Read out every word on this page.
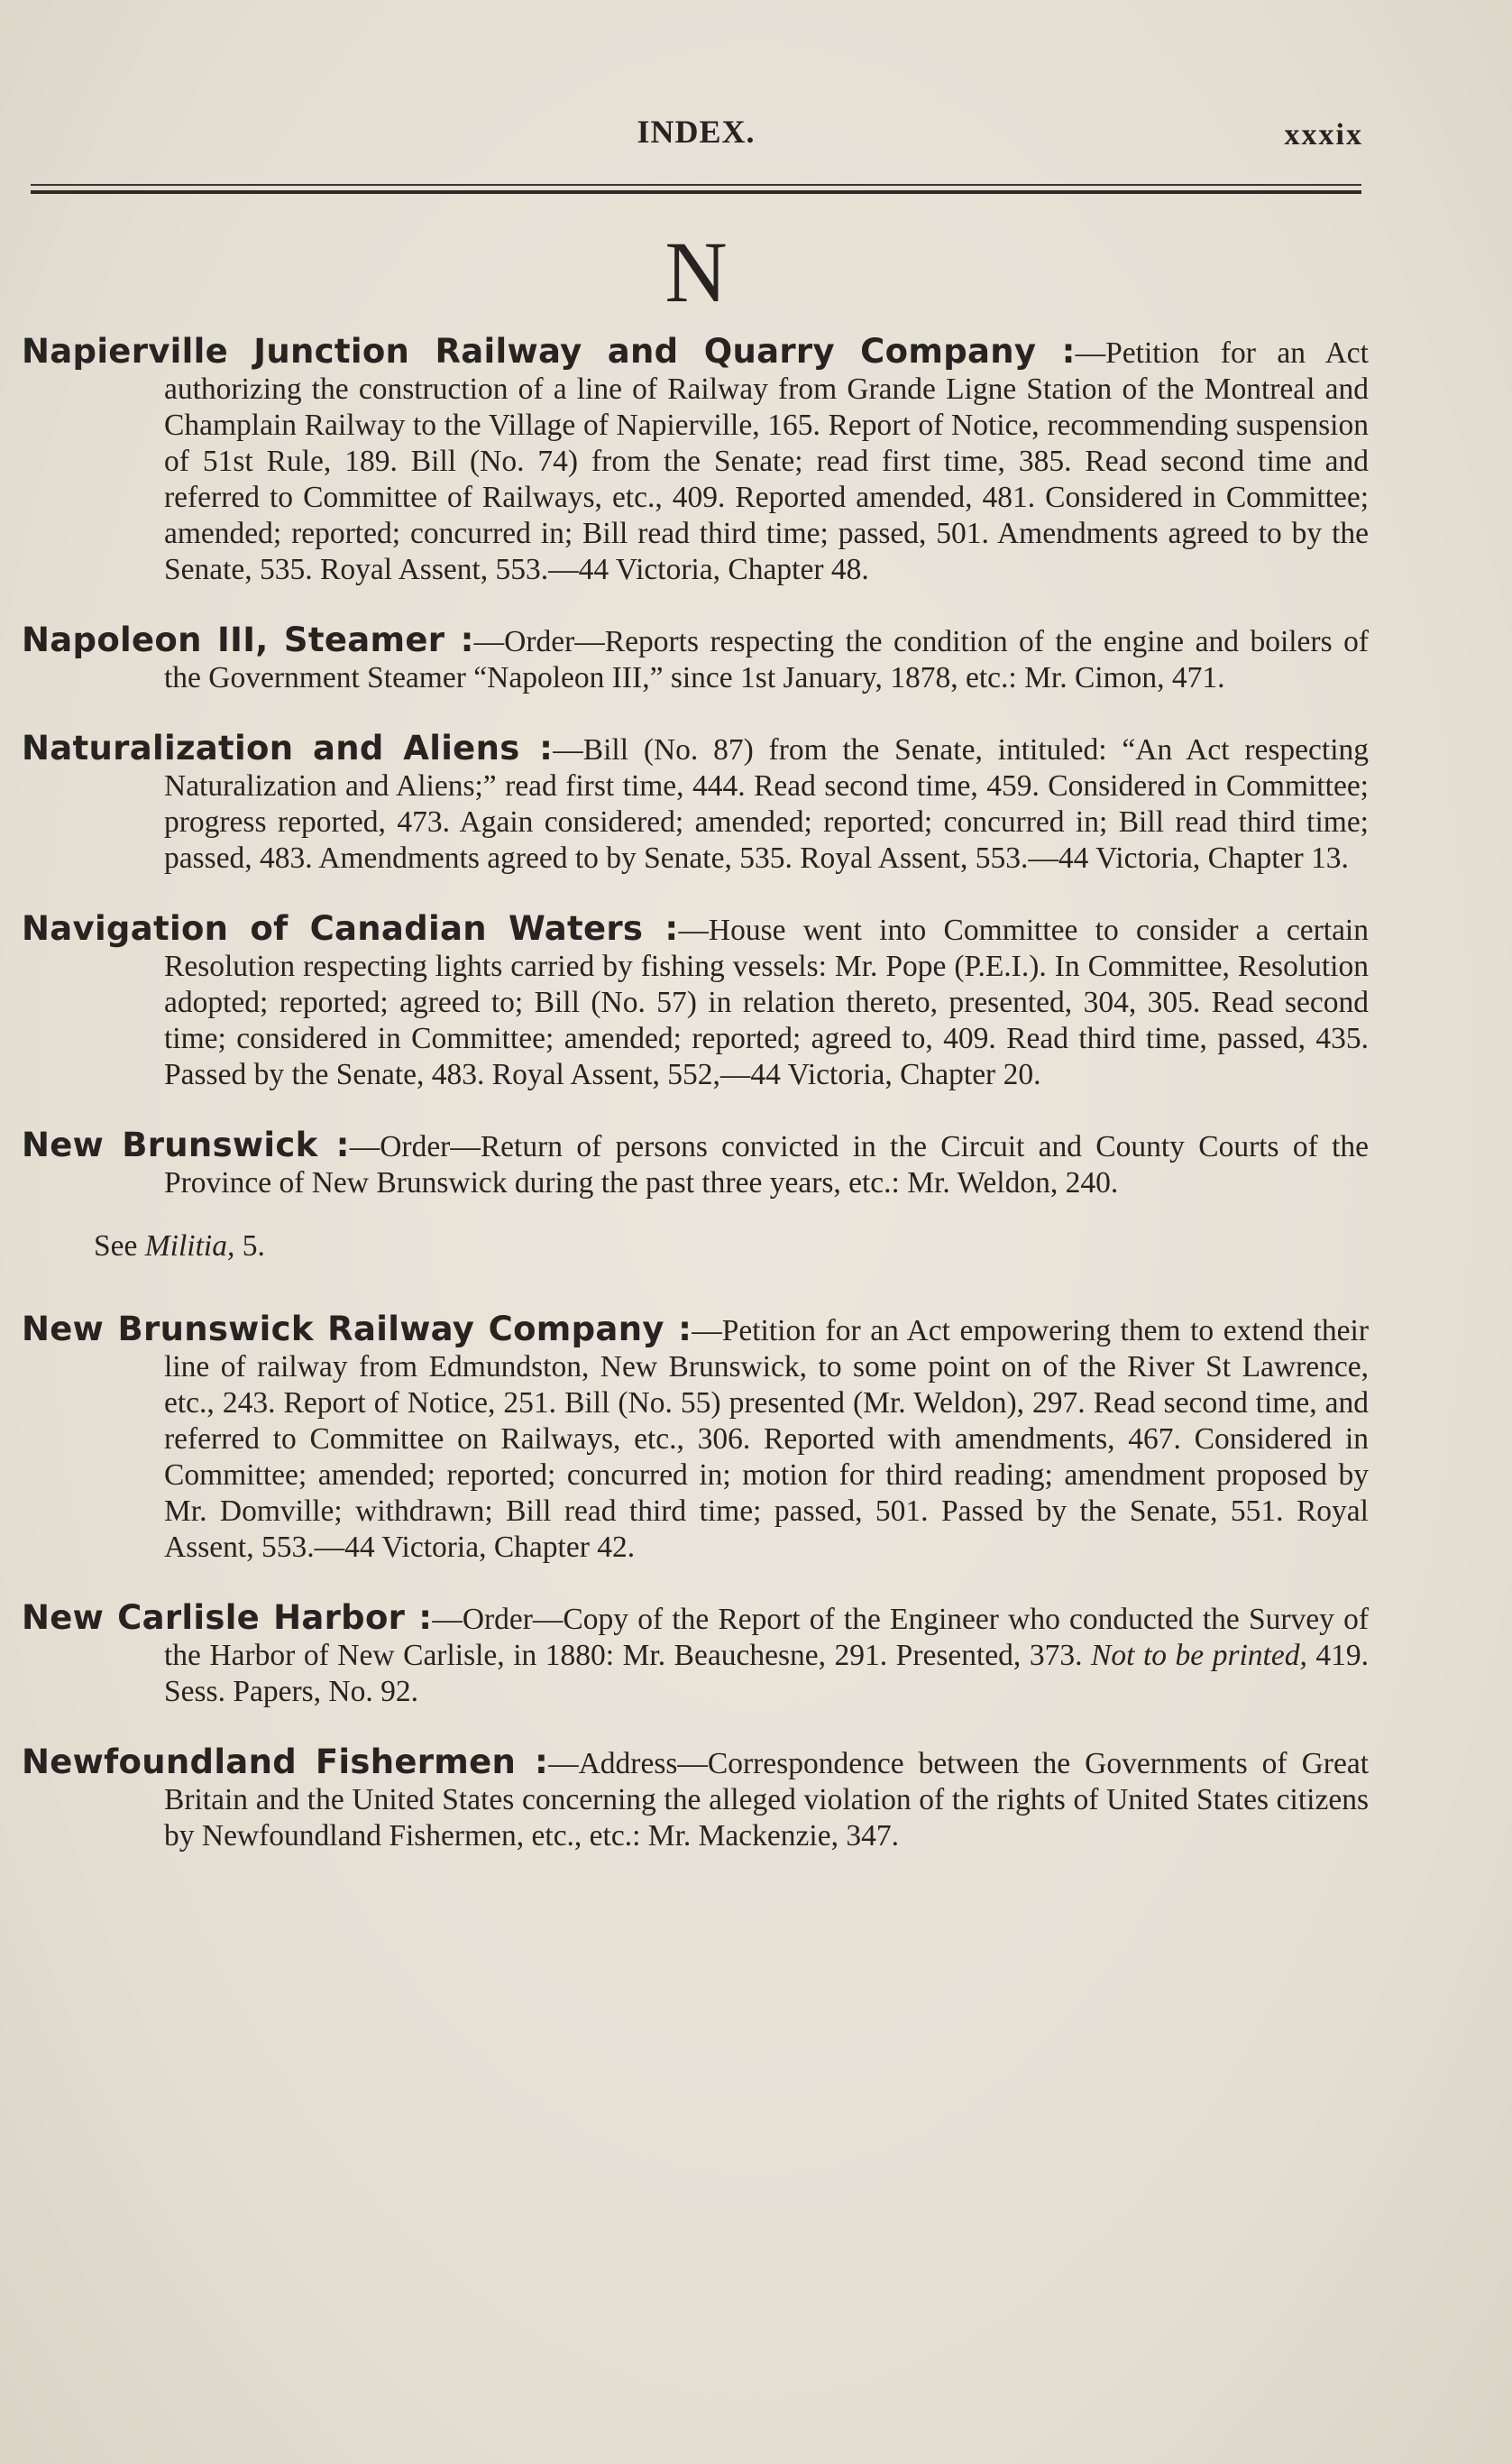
INDEX.	xxxix
N

Napierville Junction Railway and Quarry Company :—Petition for an Act authorizing the construction of a line of Railway from Grande Ligne Station of the Montreal and Champlain Railway to the Village of Napierville, 165. Report of Notice, recommending suspension of 51st Rule, 189. Bill (No. 74) from the Senate; read first time, 385. Read second time and referred to Committee of Railways, etc., 409. Reported amended, 481. Considered in Committee; amended; reported; concurred in; Bill read third time; passed, 501. Amendments agreed to by the Senate, 535. Royal Assent, 553.—44 Victoria, Chapter 48.

Napoleon III, Steamer :—Order—Reports respecting the condition of the engine and boilers of the Government Steamer “Napoleon III,” since 1st January, 1878, etc.: Mr. Cimon, 471.

Naturalization and Aliens :—Bill (No. 87) from the Senate, intituled: “An Act respecting Naturalization and Aliens;” read first time, 444. Read second time, 459. Considered in Committee; progress reported, 473. Again considered; amended; reported; concurred in; Bill read third time; passed, 483. Amendments agreed to by Senate, 535. Royal Assent, 553.—44 Victoria, Chapter 13.

Navigation of Canadian Waters :—House went into Committee to consider a certain Resolution respecting lights carried by fishing vessels: Mr. Pope (P.E.I.). In Committee, Resolution adopted; reported; agreed to; Bill (No. 57) in relation thereto, presented, 304, 305. Read second time; considered in Committee; amended; reported; agreed to, 409. Read third time, passed, 435. Passed by the Senate, 483. Royal Assent, 552,—44 Victoria, Chapter 20.

New Brunswick :—Order—Return of persons convicted in the Circuit and County Courts of the Province of New Brunswick during the past three years, etc.: Mr. Weldon, 240.

See Militia, 5.

New Brunswick Railway Company :—Petition for an Act empowering them to extend their line of railway from Edmundston, New Brunswick, to some point on of the River St Lawrence, etc., 243. Report of Notice, 251. Bill (No. 55) presented (Mr. Weldon), 297. Read second time, and referred to Committee on Railways, etc., 306. Reported with amendments, 467. Considered in Committee; amended; reported; concurred in; motion for third reading; amendment proposed by Mr. Domville; withdrawn; Bill read third time; passed, 501. Passed by the Senate, 551. Royal Assent, 553.—44 Victoria, Chapter 42.

New Carlisle Harbor :—Order—Copy of the Report of the Engineer who conducted the Survey of the Harbor of New Carlisle, in 1880: Mr. Beauchesne, 291. Presented, 373. Not to be printed, 419. Sess. Papers, No. 92.

Newfoundland Fishermen :—Address—Correspondence between the Governments of Great Britain and the United States concerning the alleged violation of the rights of United States citizens by Newfoundland Fishermen, etc., etc.: Mr. Mackenzie, 347.
